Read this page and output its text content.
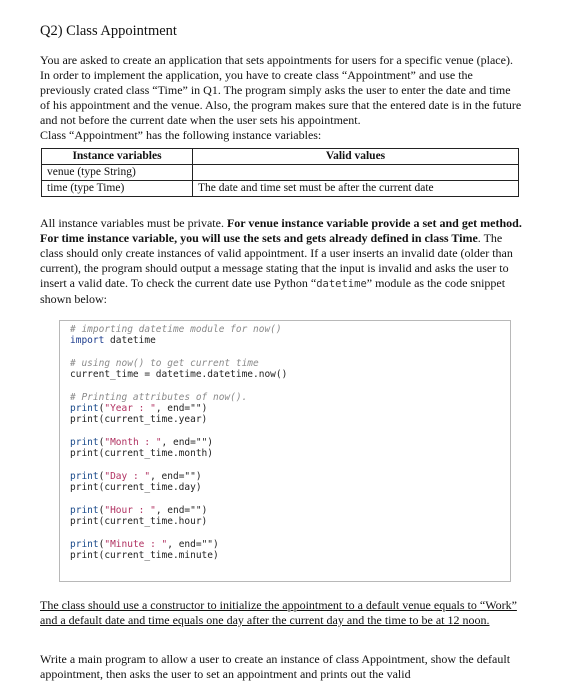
Q2) Class Appointment

You are asked to create an application that sets appointments for users for a specific venue (place). In order to implement the application, you have to create class “Appointment” and use the previously crated class “Time” in Q1. The program simply asks the user to enter the date and time of his appointment and the venue. Also, the program makes sure that the entered date is in the future and not before the current date when the user sets his appointment.

Class “Appointment” has the following instance variables:

Instance variables	Valid values
venue (type String)	
time (type Time)	The date and time set must be after the current date

All instance variables must be private. For venue instance variable provide a set and get method. For time instance variable, you will use the sets and gets already defined in class Time. The class should only create instances of valid appointment. If a user inserts an invalid date (older than current), the program should output a message stating that the input is invalid and asks the user to insert a valid date. To check the current date use Python “datetime” module as the code snippet shown below:

# importing datetime module for now()
import datetime
# using now() to get current time
current_time = datetime.datetime.now()
# Printing attributes of now().
print("Year : ", end="")
print(current_time.year)
print("Month : ", end="")
print(current_time.month)
print("Day : ", end="")
print(current_time.day)
print("Hour : ", end="")
print(current_time.hour)
print("Minute : ", end="")
print(current_time.minute)

The class should use a constructor to initialize the appointment to a default venue equals to “Work” and a default date and time equals one day after the current day and the time to be at 12 noon.

Write a main program to allow a user to create an instance of class Appointment, show the default appointment, then asks the user to set an appointment and prints out the valid
